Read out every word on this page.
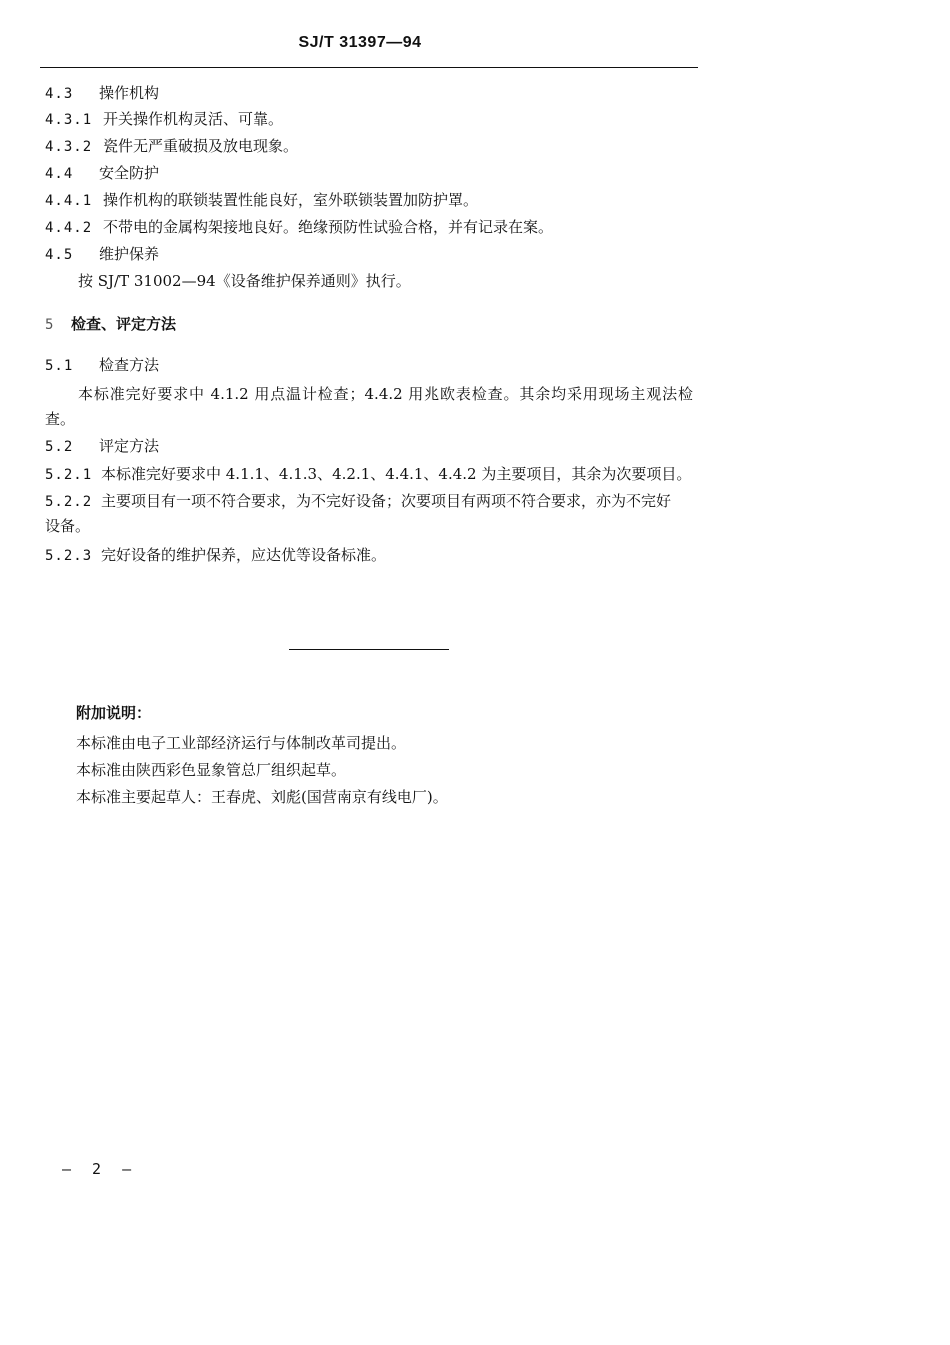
SJ/T 31397—94
4.3 操作机构
4.3.1 开关操作机构灵活、可靠。
4.3.2 瓷件无严重破损及放电现象。
4.4 安全防护
4.4.1 操作机构的联锁装置性能良好，室外联锁装置加防护罩。
4.4.2 不带电的金属构架接地良好。绝缘预防性试验合格，并有记录在案。
4.5 维护保养
按 SJ/T 31002—94《设备维护保养通则》执行。
5 检查、评定方法
5.1 检查方法
本标准完好要求中 4.1.2 用点温计检查；4.4.2 用兆欧表检查。其余均采用现场主观法检
查。
5.2 评定方法
5.2.1 本标准完好要求中 4.1.1、4.1.3、4.2.1、4.4.1、4.4.2 为主要项目，其余为次要项目。
5.2.2 主要项目有一项不符合要求，为不完好设备；次要项目有两项不符合要求，亦为不完好
设备。
5.2.3 完好设备的维护保养，应达优等设备标准。
附加说明：
本标准由电子工业部经济运行与体制改革司提出。
本标准由陕西彩色显象管总厂组织起草。
本标准主要起草人：王春虎、刘彪(国营南京有线电厂)。
— 2 —
